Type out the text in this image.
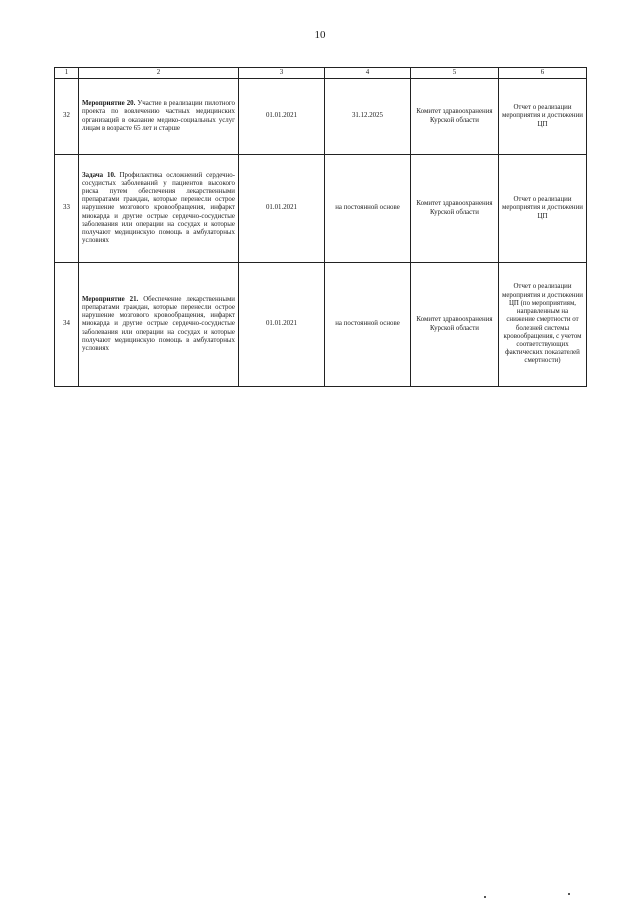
10
1	2	3	4	5	6
32	Мероприятие 20. Участие в реализации пилотного проекта по вовлечению частных медицинских организаций в оказание медико-социальных услуг лицам в возрасте 65 лет и старше	01.01.2021	31.12.2025	Комитет здравоохранения Курской области	Отчет о реализации мероприятия и достижении ЦП
33	Задача 10. Профилактика осложнений сердечно-сосудистых заболеваний у пациентов высокого риска путем обеспечения лекарственными препаратами граждан, которые перенесли острое нарушение мозгового кровообращения, инфаркт миокарда и другие острые сердечно-сосудистые заболевания или операции на сосудах и которые получают медицинскую помощь в амбулаторных условиях	01.01.2021	на постоянной основе	Комитет здравоохранения Курской области	Отчет о реализации мероприятия и достижении ЦП
34	Мероприятие 21. Обеспечение лекарственными препаратами граждан, которые перенесли острое нарушение мозгового кровообращения, инфаркт миокарда и другие острые сердечно-сосудистые заболевания или операции на сосудах и которые получают медицинскую помощь в амбулаторных условиях	01.01.2021	на постоянной основе	Комитет здравоохранения Курской области	Отчет о реализации мероприятия и достижении ЦП (по мероприятиям, направленным на снижение смертности от болезней системы кровообращения, с учетом соответствующих фактических показателей смертности)
